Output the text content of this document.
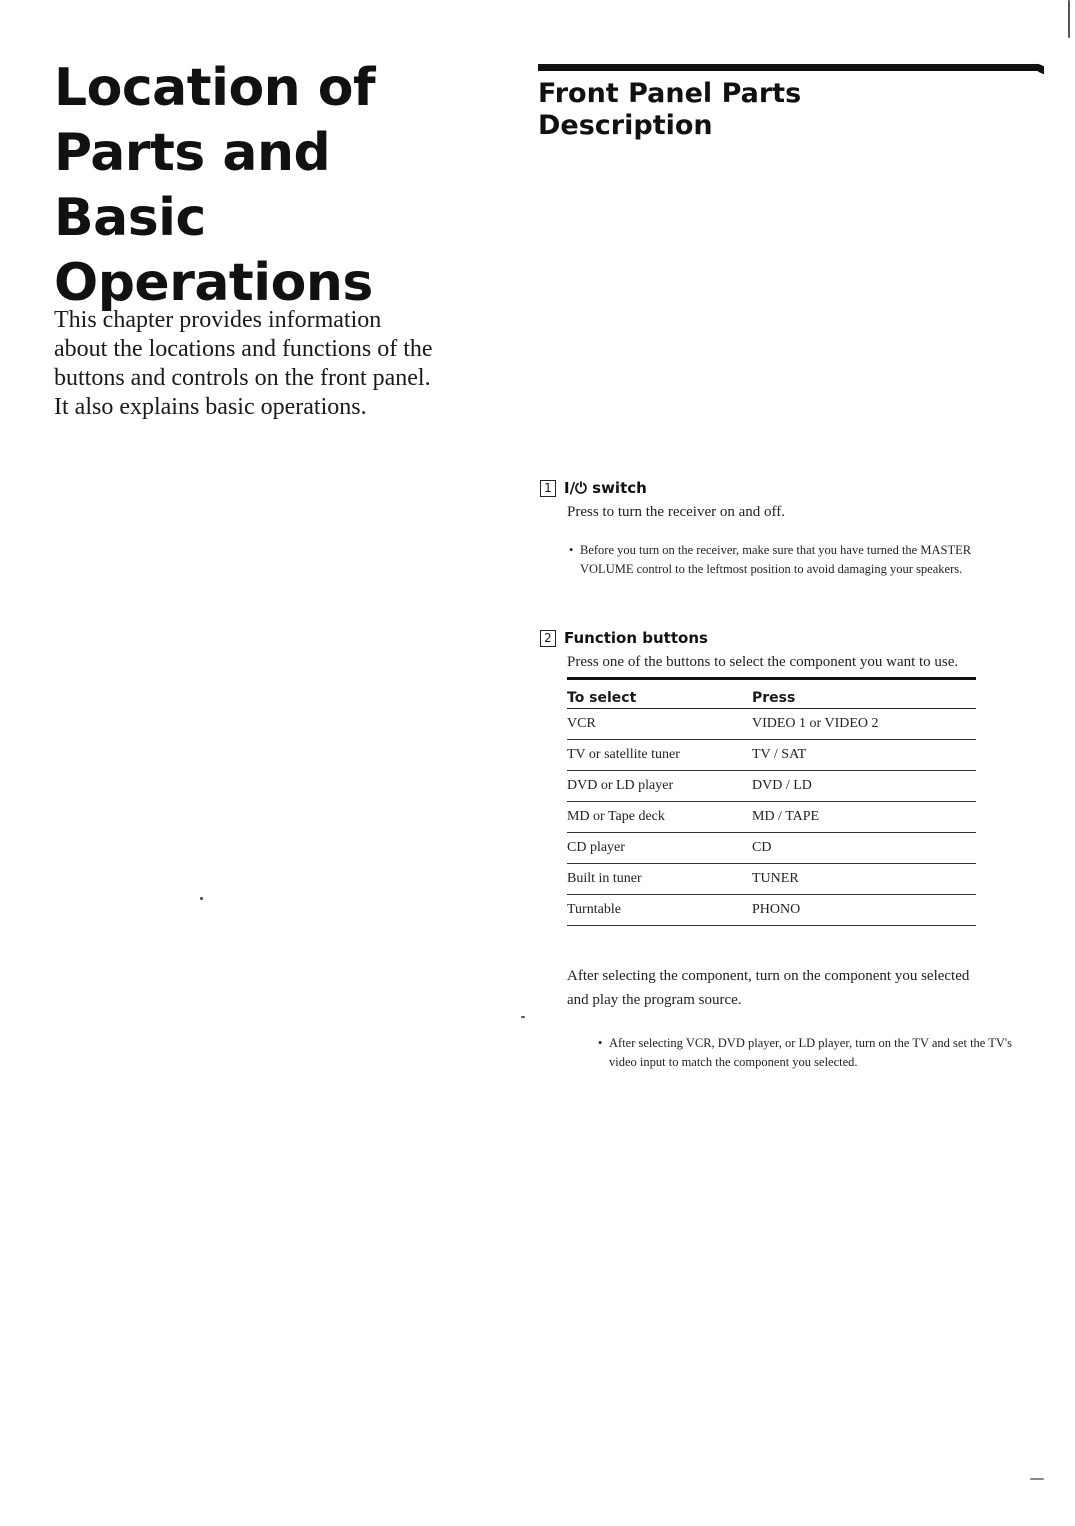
Location of
Parts and Basic
Operations

This chapter provides information about the locations and functions of the buttons and controls on the front panel. It also explains basic operations.

Front Panel Parts
Description
1 I/⏻ switch

Press to turn the receiver on and off.

• Before you turn on the receiver, make sure that you have turned the MASTER VOLUME control to the leftmost position to avoid damaging your speakers.
2 Function buttons

Press one of the buttons to select the component you want to use.

To select	Press
VCR	VIDEO 1 or VIDEO 2
TV or satellite tuner	TV / SAT
DVD or LD player	DVD / LD
MD or Tape deck	MD / TAPE
CD player	CD
Built in tuner	TUNER
Turntable	PHONO

After selecting the component, turn on the component you selected and play the program source.

• After selecting VCR, DVD player, or LD player, turn on the TV and set the TV's video input to match the component you selected.
